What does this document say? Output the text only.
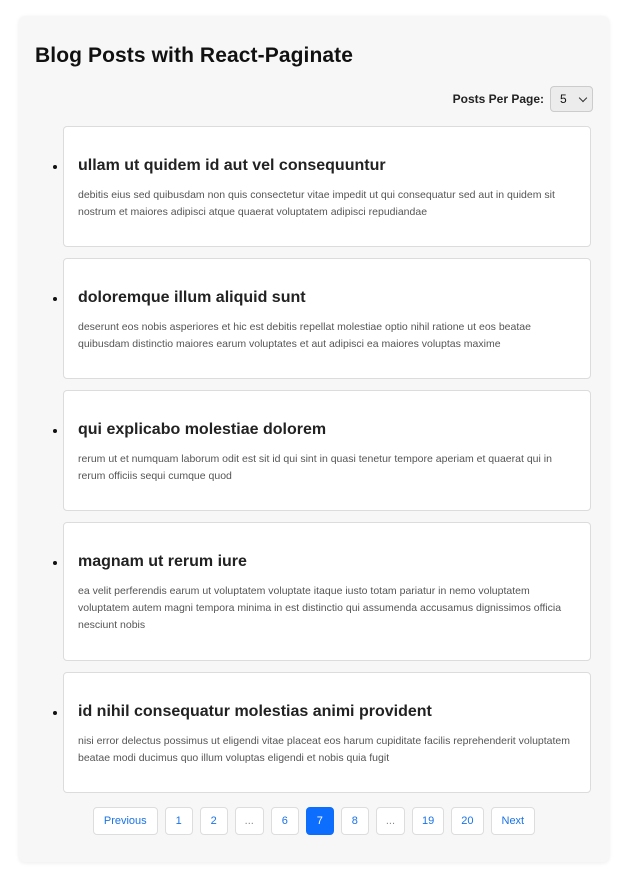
Blog Posts with React-Paginate
Posts Per Page: 5
ullam ut quidem id aut vel consequuntur

debitis eius sed quibusdam non quis consectetur vitae impedit ut qui consequatur sed aut in quidem sit nostrum et maiores adipisci atque quaerat voluptatem adipisci repudiandae

doloremque illum aliquid sunt

deserunt eos nobis asperiores et hic est debitis repellat molestiae optio nihil ratione ut eos beatae quibusdam distinctio maiores earum voluptates et aut adipisci ea maiores voluptas maxime

qui explicabo molestiae dolorem

rerum ut et numquam laborum odit est sit id qui sint in quasi tenetur tempore aperiam et quaerat qui in rerum officiis sequi cumque quod

magnam ut rerum iure

ea velit perferendis earum ut voluptatem voluptate itaque iusto totam pariatur in nemo voluptatem voluptatem autem magni tempora minima in est distinctio qui assumenda accusamus dignissimos officia nesciunt nobis

id nihil consequatur molestias animi provident

nisi error delectus possimus ut eligendi vitae placeat eos harum cupiditate facilis reprehenderit voluptatem beatae modi ducimus quo illum voluptas eligendi et nobis quia fugit

Previous	1	2	...	6	7	8	...	19	20	Next
